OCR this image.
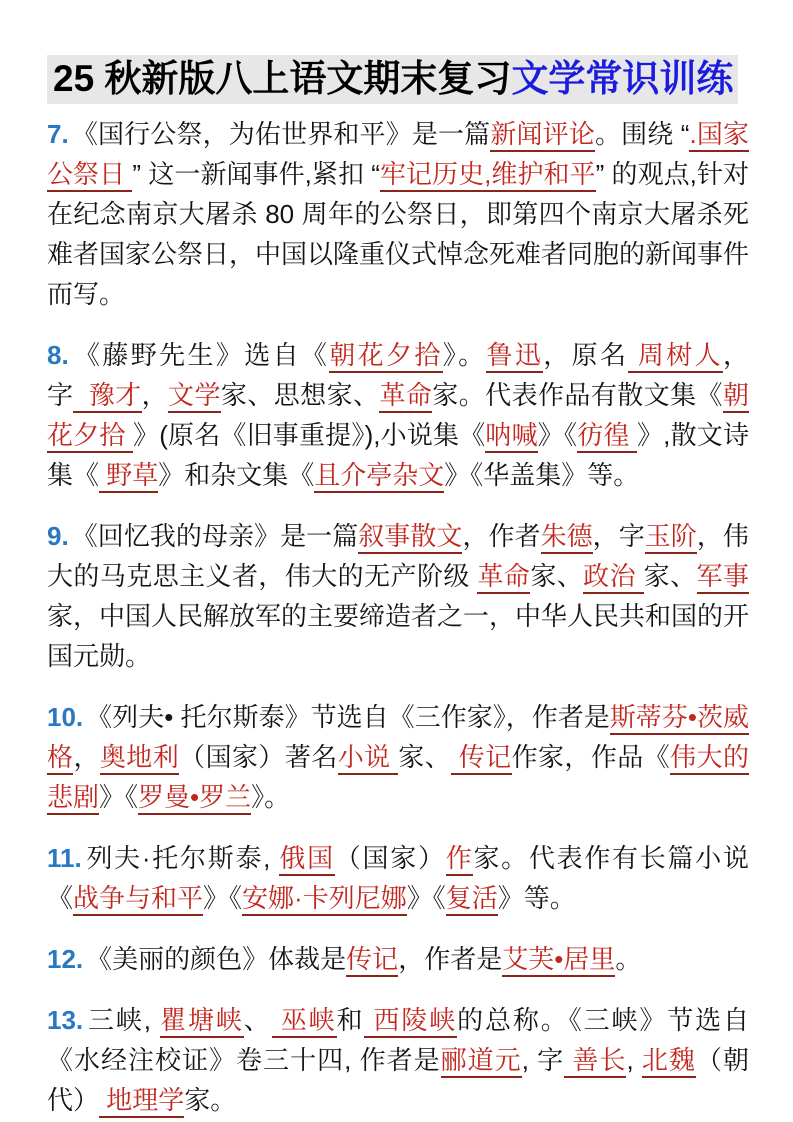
25 秋新版八上语文期末复习文学常识训练

7. 《国行公祭，为佑世界和平》是一篇新闻评论。围绕 “.国家公祭日 ” 这一新闻事件,紧扣 “牢记历史,维护和平” 的观点,针对在纪念南京大屠杀 80 周年的公祭日，即第四个南京大屠杀死难者国家公祭日，中国以隆重仪式悼念死难者同胞的新闻事件而写。

8. 《藤野先生》选自《朝花夕拾》。鲁迅，原名 周树人，字  豫才，文学家、思想家、革命家。代表作品有散文集《朝花夕拾 》(原名《旧事重提》),小说集《呐喊》《彷徨 》,散文诗集《 野草》和杂文集《且介亭杂文》《华盖集》等。

9. 《回忆我的母亲》是一篇叙事散文，作者朱德，字玉阶，伟大的马克思主义者，伟大的无产阶级 革命家、政治 家、军事家，中国人民解放军的主要缔造者之一，中华人民共和国的开国元勋。

10. 《列夫• 托尔斯泰》节选自《三作家》，作者是斯蒂芬•茨威格，奥地利（国家）著名小说 家、 传记作家，作品《伟大的悲剧》《罗曼•罗兰》。

11. 列夫·托尔斯泰, 俄国（国家）作家。代表作有长篇小说《战争与和平》《安娜·卡列尼娜》《复活》等。

12. 《美丽的颜色》体裁是传记，作者是艾芙•居里。

13. 三峡, 瞿塘峡、 巫峡和 西陵峡的总称。《三峡》节选自《水经注校证》卷三十四, 作者是郦道元, 字 善长, 北魏（朝代） 地理学家。
